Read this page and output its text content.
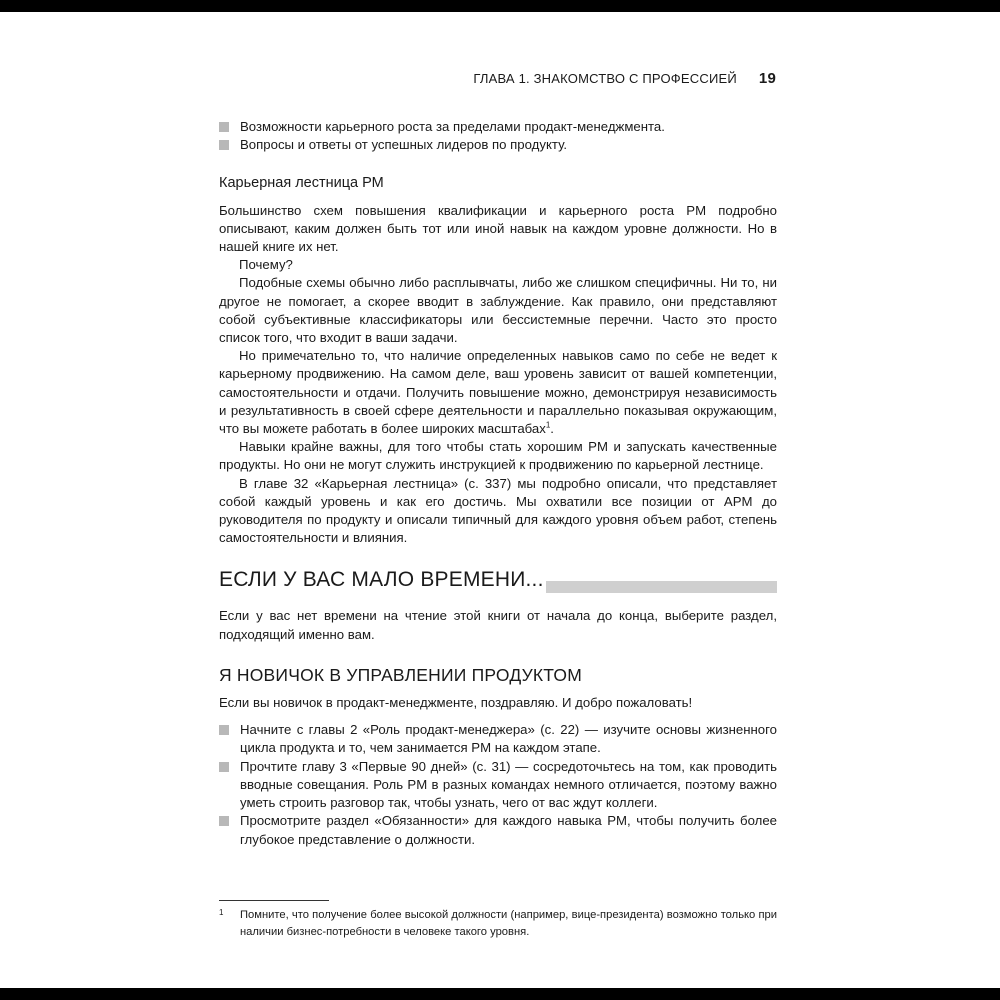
ГЛАВА 1. ЗНАКОМСТВО С ПРОФЕССИЕЙ 19
Возможности карьерного роста за пределами продакт-менеджмента.
Вопросы и ответы от успешных лидеров по продукту.
Карьерная лестница РМ

Большинство схем повышения квалификации и карьерного роста PM подробно описывают, каким должен быть тот или иной навык на каждом уровне должности. Но в нашей книге их нет.

Почему?

Подобные схемы обычно либо расплывчаты, либо же слишком специфичны. Ни то, ни другое не помогает, а скорее вводит в заблуждение. Как правило, они представляют собой субъективные классификаторы или бессистемные перечни. Часто это просто список того, что входит в ваши задачи.

Но примечательно то, что наличие определенных навыков само по себе не ведет к карьерному продвижению. На самом деле, ваш уровень зависит от вашей компетенции, самостоятельности и отдачи. Получить повышение можно, демонстрируя независимость и результативность в своей сфере деятельности и параллельно показывая окружающим, что вы можете работать в более широких масштабах$^1$.

Навыки крайне важны, для того чтобы стать хорошим PM и запускать качественные продукты. Но они не могут служить инструкцией к продвижению по карьерной лестнице.

В главе 32 «Карьерная лестница» (с. 337) мы подробно описали, что представляет собой каждый уровень и как его достичь. Мы охватили все позиции от APM до руководителя по продукту и описали типичный для каждого уровня объем работ, степень самостоятельности и влияния.

ЕСЛИ У ВАС МАЛО ВРЕМЕНИ...

Если у вас нет времени на чтение этой книги от начала до конца, выберите раздел, подходящий именно вам.

Я НОВИЧОК В УПРАВЛЕНИИ ПРОДУКТОМ

Если вы новичок в продакт-менеджменте, поздравляю. И добро пожаловать!

Начните с главы 2 «Роль продакт-менеджера» (с. 22) — изучите основы жизненного цикла продукта и то, чем занимается PM на каждом этапе.
Прочтите главу 3 «Первые 90 дней» (с. 31) — сосредоточьтесь на том, как проводить вводные совещания. Роль PM в разных командах немного отличается, поэтому важно уметь строить разговор так, чтобы узнать, чего от вас ждут коллеги.
Просмотрите раздел «Обязанности» для каждого навыка PM, чтобы получить более глубокое представление о должности.
1	Помните, что получение более высокой должности (например, вице-президента) возможно только при наличии бизнес-потребности в человеке такого уровня.
